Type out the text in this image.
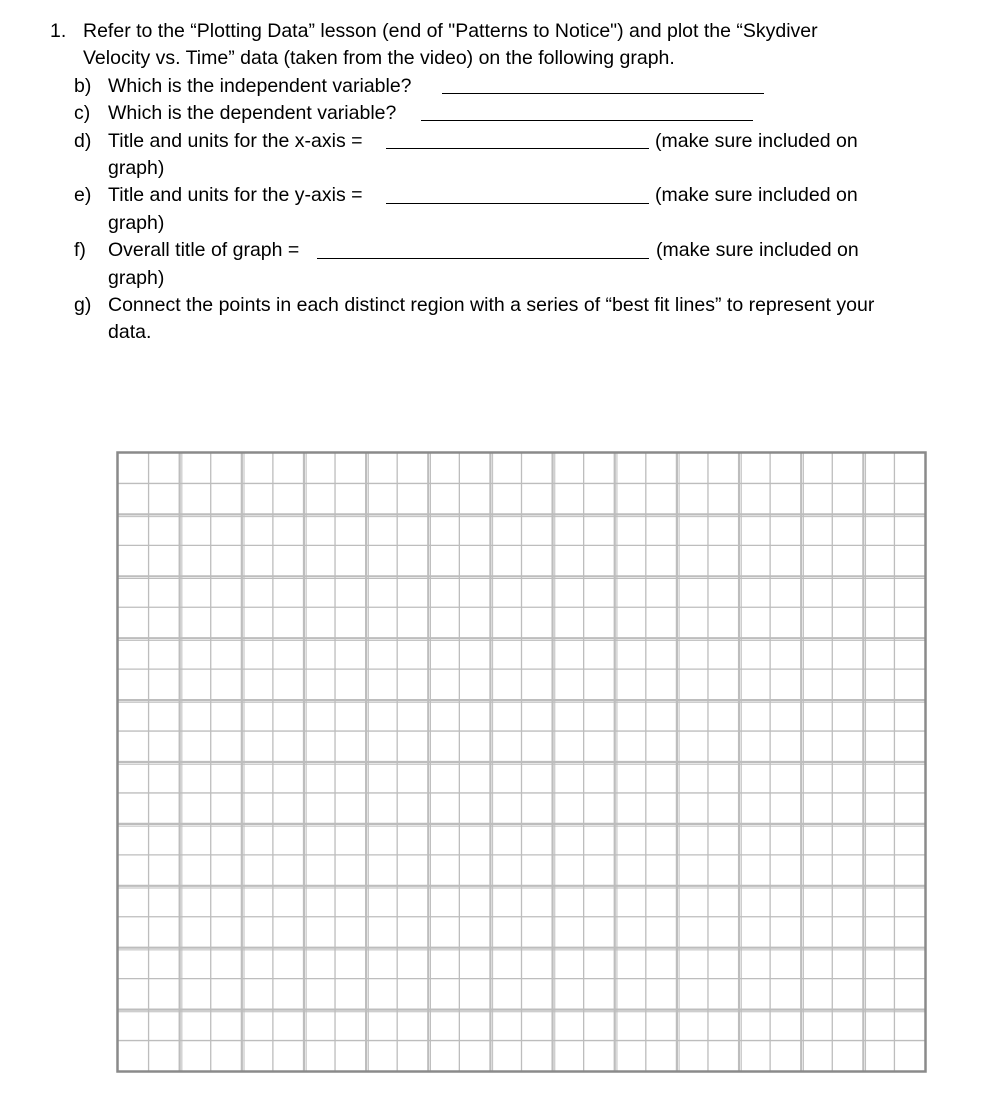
1. Refer to the “Plotting Data” lesson (end of "Patterns to Notice") and plot the “Skydiver
Velocity vs. Time” data (taken from the video) on the following graph.
b) Which is the independent variable?
c) Which is the dependent variable?
d) Title and units for the x-axis =	(make sure included on
graph)
e) Title and units for the y-axis =	(make sure included on
graph)
f) Overall title of graph =	(make sure included on
graph)
g) Connect the points in each distinct region with a series of “best fit lines” to represent your
data.
